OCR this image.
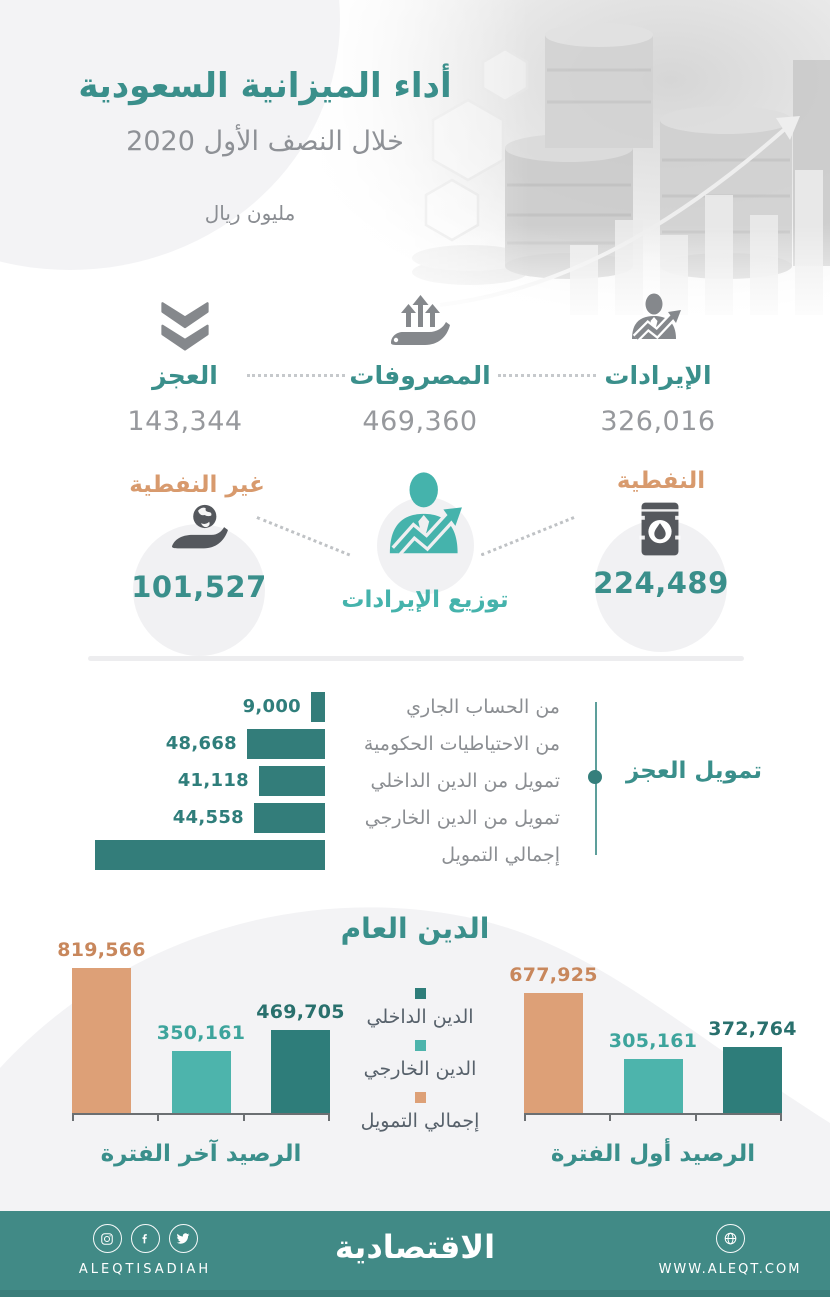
أداء الميزانية السعودية
خلال النصف الأول 2020
مليون ريال
الإيرادات
326,016
المصروفات
469,360
العجز
143,344
النفطية
224,489
غير النفطية
101,527	توزيع الإيرادات
9,000	من الحساب الجاري
48,668	من الاحتياطيات الحكومية
41,118	تمويل من الدين الداخلي
44,558	تمويل من الدين الخارجي
إجمالي التمويل
تمويل العجز
الدين العام
819,566
350,161
469,705
الرصيد آخر الفترة
677,925
305,161
372,764
الرصيد أول الفترة
الدين الداخلي
الدين الخارجي
إجمالي التمويل
ALEQTISADIAH
الاقتصادية
WWW.ALEQT.COM
